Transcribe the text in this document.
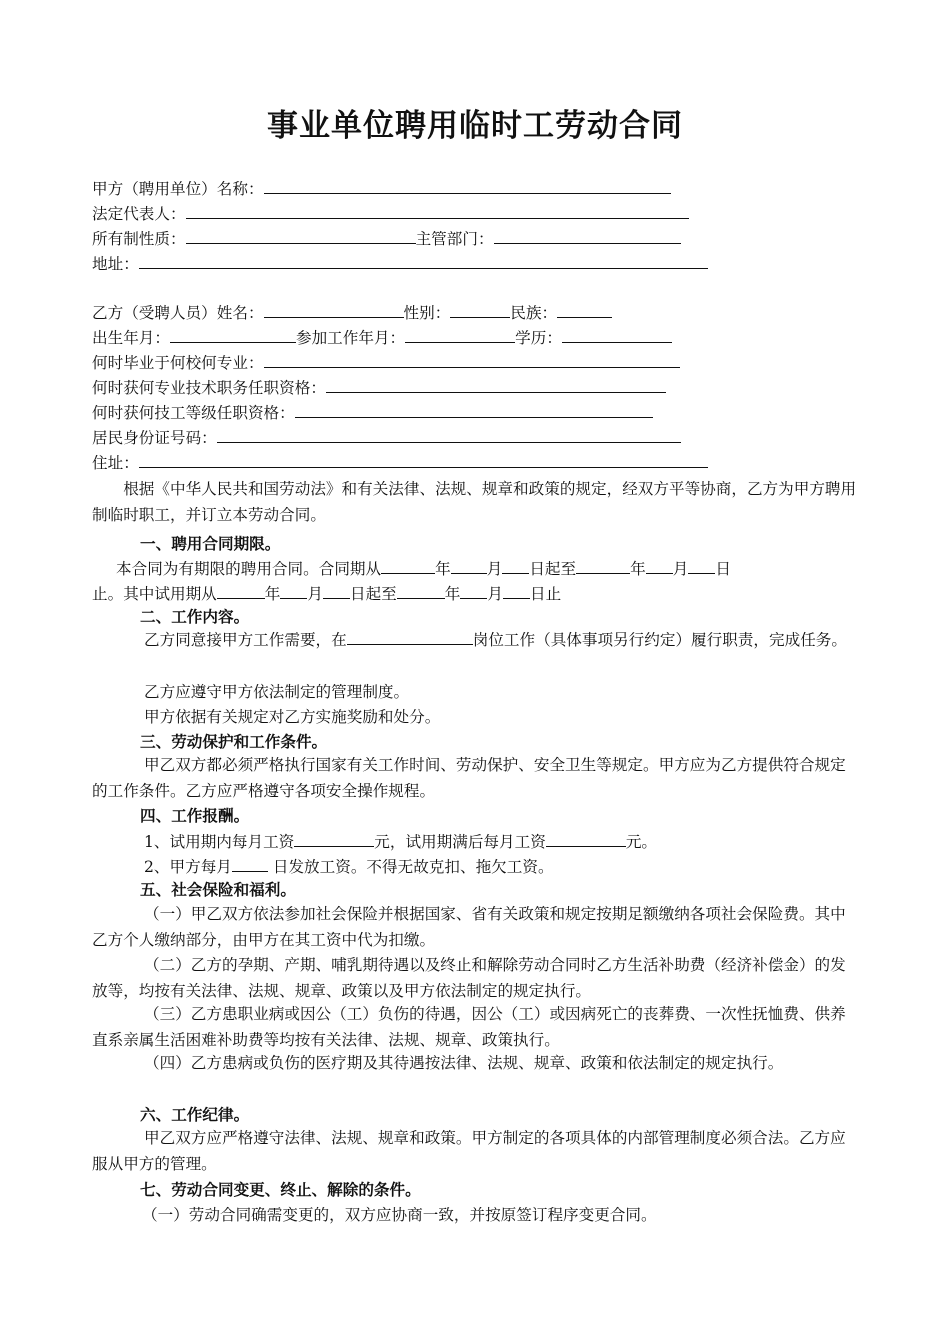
事业单位聘用临时工劳动合同
甲方（聘用单位）名称：
法定代表人：
所有制性质：	主管部门：
地址：
乙方（受聘人员）姓名：	性别：	民族：
出生年月：	参加工作年月：	学历：
何时毕业于何校何专业：
何时获何专业技术职务任职资格：
何时获何技工等级任职资格：
居民身份证号码：
住址：
根据《中华人民共和国劳动法》和有关法律、法规、规章和政策的规定，经双方平等协商，乙方为甲方聘用制临时职工，并订立本劳动合同。
一、聘用合同期限。
本合同为有期限的聘用合同。合同期从	年 月 日起至	年 月 日
止。其中试用期从	年 月 日起至	年 月 日止
二、工作内容。
乙方同意接甲方工作需要，在	岗位工作（具体事项另行约定）履行职责，完成任务。
乙方应遵守甲方依法制定的管理制度。
甲方依据有关规定对乙方实施奖励和处分。
三、劳动保护和工作条件。
甲乙双方都必须严格执行国家有关工作时间、劳动保护、安全卫生等规定。甲方应为乙方提供符合规定的工作条件。乙方应严格遵守各项安全操作规程。
四、工作报酬。
1、试用期内每月工资	元，试用期满后每月工资	元。
2、甲方每月 日发放工资。不得无故克扣、拖欠工资。
五、社会保险和福利。
（一）甲乙双方依法参加社会保险并根据国家、省有关政策和规定按期足额缴纳各项社会保险费。其中乙方个人缴纳部分，由甲方在其工资中代为扣缴。
（二）乙方的孕期、产期、哺乳期待遇以及终止和解除劳动合同时乙方生活补助费（经济补偿金）的发放等，均按有关法律、法规、规章、政策以及甲方依法制定的规定执行。
（三）乙方患职业病或因公（工）负伤的待遇，因公（工）或因病死亡的丧葬费、一次性抚恤费、供养直系亲属生活困难补助费等均按有关法律、法规、规章、政策执行。
（四）乙方患病或负伤的医疗期及其待遇按法律、法规、规章、政策和依法制定的规定执行。
六、工作纪律。
甲乙双方应严格遵守法律、法规、规章和政策。甲方制定的各项具体的内部管理制度必须合法。乙方应服从甲方的管理。
七、劳动合同变更、终止、解除的条件。
（一）劳动合同确需变更的，双方应协商一致，并按原签订程序变更合同。
